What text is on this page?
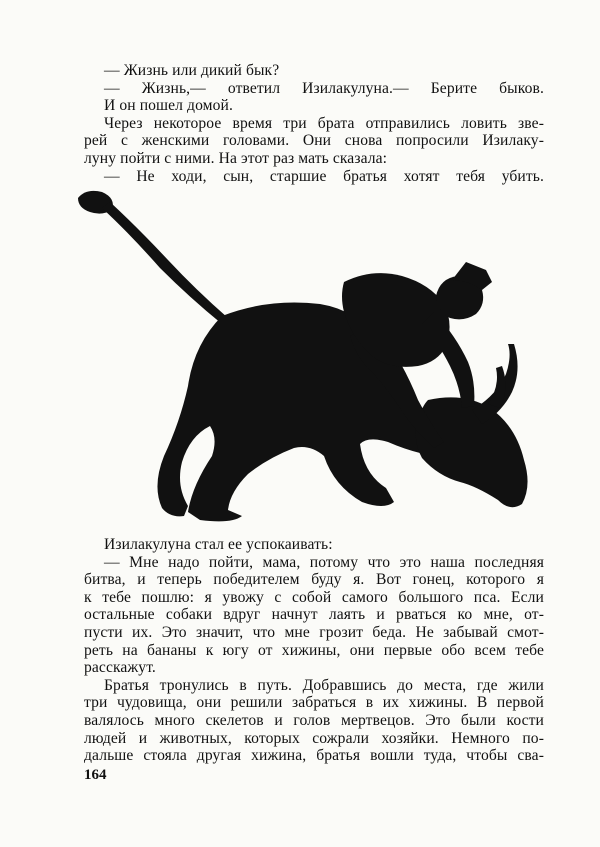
— Жизнь или дикий бык?
— Жизнь,— ответил Изилакулуна.— Берите быков.
И он пошел домой.
Через некоторое время три брата отправились ловить зве-
рей с женскими головами. Они снова попросили Изилаку-
луну пойти с ними. На этот раз мать сказала:
— Не ходи, сын, старшие братья хотят тебя убить.
Изилакулуна стал ее успокаивать:
— Мне надо пойти, мама, потому что это наша последняя
битва, и теперь победителем буду я. Вот гонец, которого я
к тебе пошлю: я увожу с собой самого большого пса. Если
остальные собаки вдруг начнут лаять и рваться ко мне, от-
пусти их. Это значит, что мне грозит беда. Не забывай смот-
реть на бананы к югу от хижины, они первые обо всем тебе
расскажут.
Братья тронулись в путь. Добравшись до места, где жили
три чудовища, они решили забраться в их хижины. В первой
валялось много скелетов и голов мертвецов. Это были кости
людей и животных, которых сожрали хозяйки. Немного по-
дальше стояла другая хижина, братья вошли туда, чтобы сва-
164
